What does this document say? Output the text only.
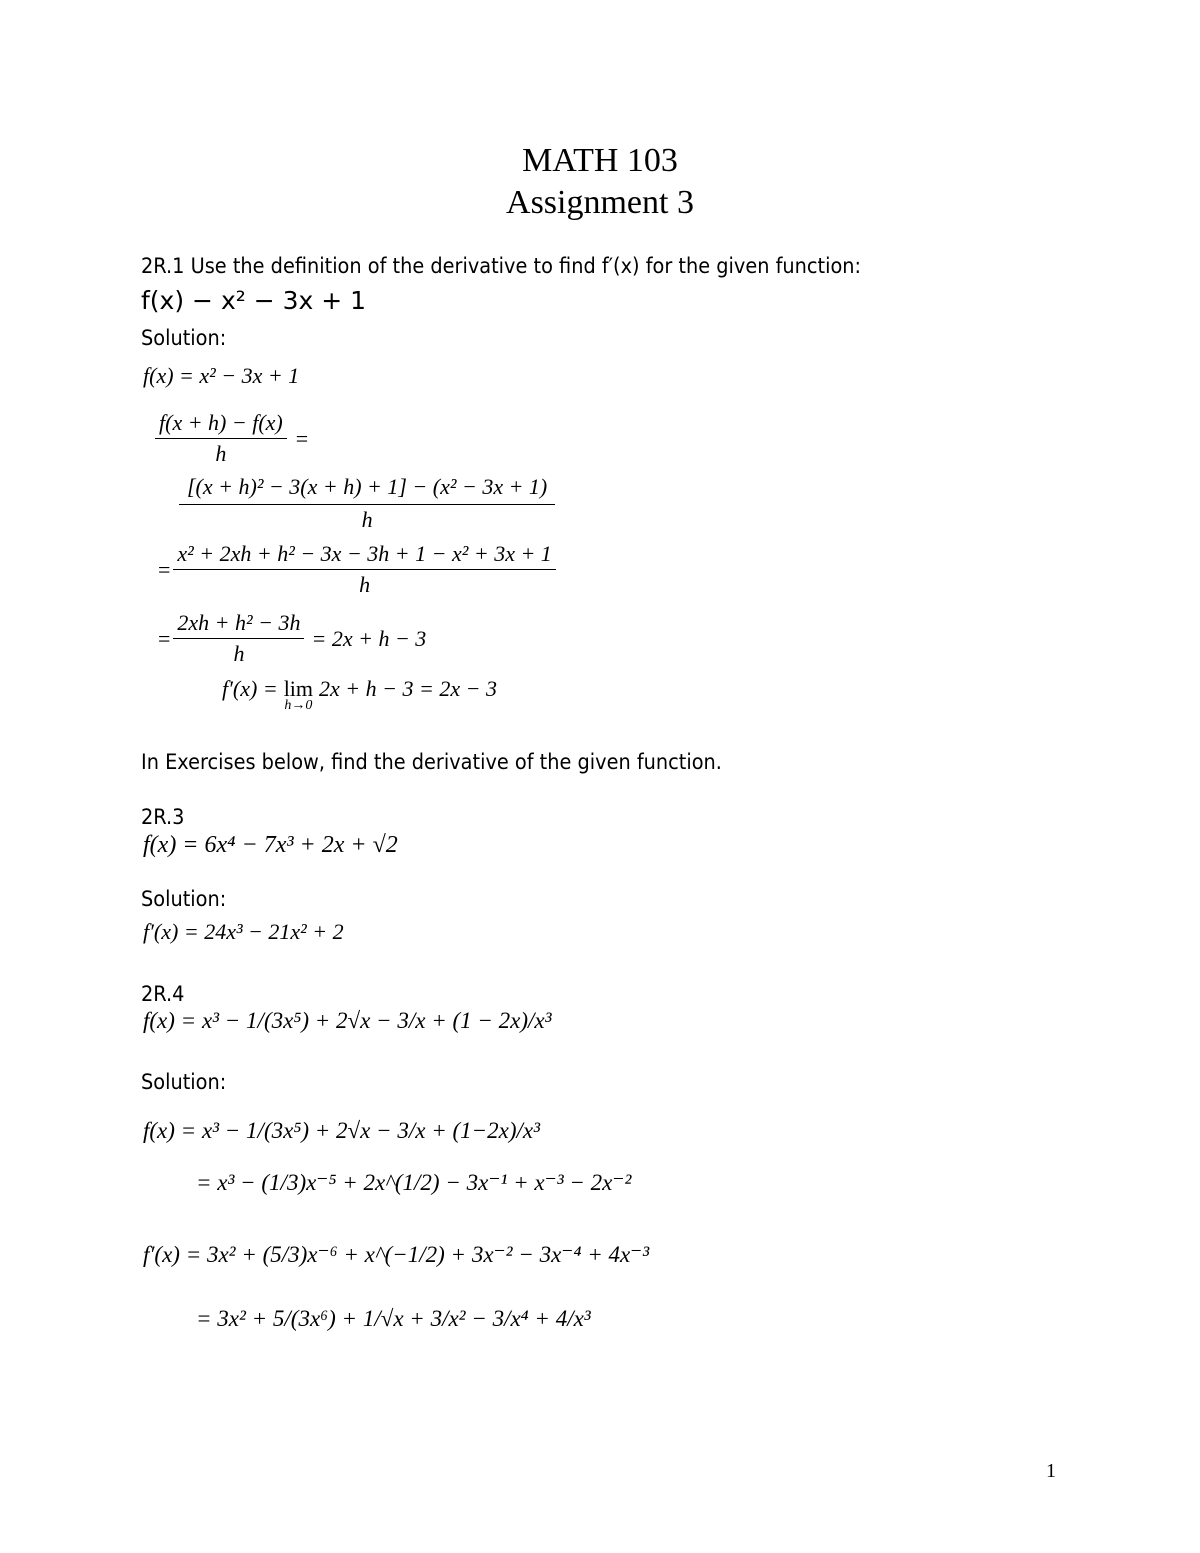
MATH 103
Assignment 3
2R.1 Use the definition of the derivative to find f′(x) for the given function:
f(x) − x² − 3x + 1
Solution:
f(x) = x² − 3x + 1
$\frac{f(x + h) - f(x)}{h}$ =
$\frac{\text{[(x + h)² − 3(x + h) + 1] − (x² − 3x + 1)}}{h}$
= $\frac{\text{x² + 2xh + h² − 3x − 3h + 1 − x² + 3x + 1}}{h}$
= $\frac{\text{2xh + h² − 3h}}{h} = 2x + h - 3$
f′(x) = lim
h→0
2x + h − 3 = 2x − 3
In Exercises below, find the derivative of the given function.
2R.3
f(x) = 6x⁴ − 7x³ + 2x + √2
Solution:
f′(x) = 24x³ − 21x² + 2
2R.4
f(x) = x³ − 1/(3x⁵) + 2√x − 3/x + (1 − 2x)/x³
Solution:
f(x) = x³ − 1/(3x⁵) + 2√x − 3/x + (1−2x)/x³
= x³ − (1/3)x⁻⁵ + 2x^(1/2) − 3x⁻¹ + x⁻³ − 2x⁻²
f′(x) = 3x² + (5/3)x⁻⁶ + x^(−1/2) + 3x⁻² − 3x⁻⁴ + 4x⁻³
= 3x² + 5/(3x⁶) + 1/√x + 3/x² − 3/x⁴ + 4/x³
1
